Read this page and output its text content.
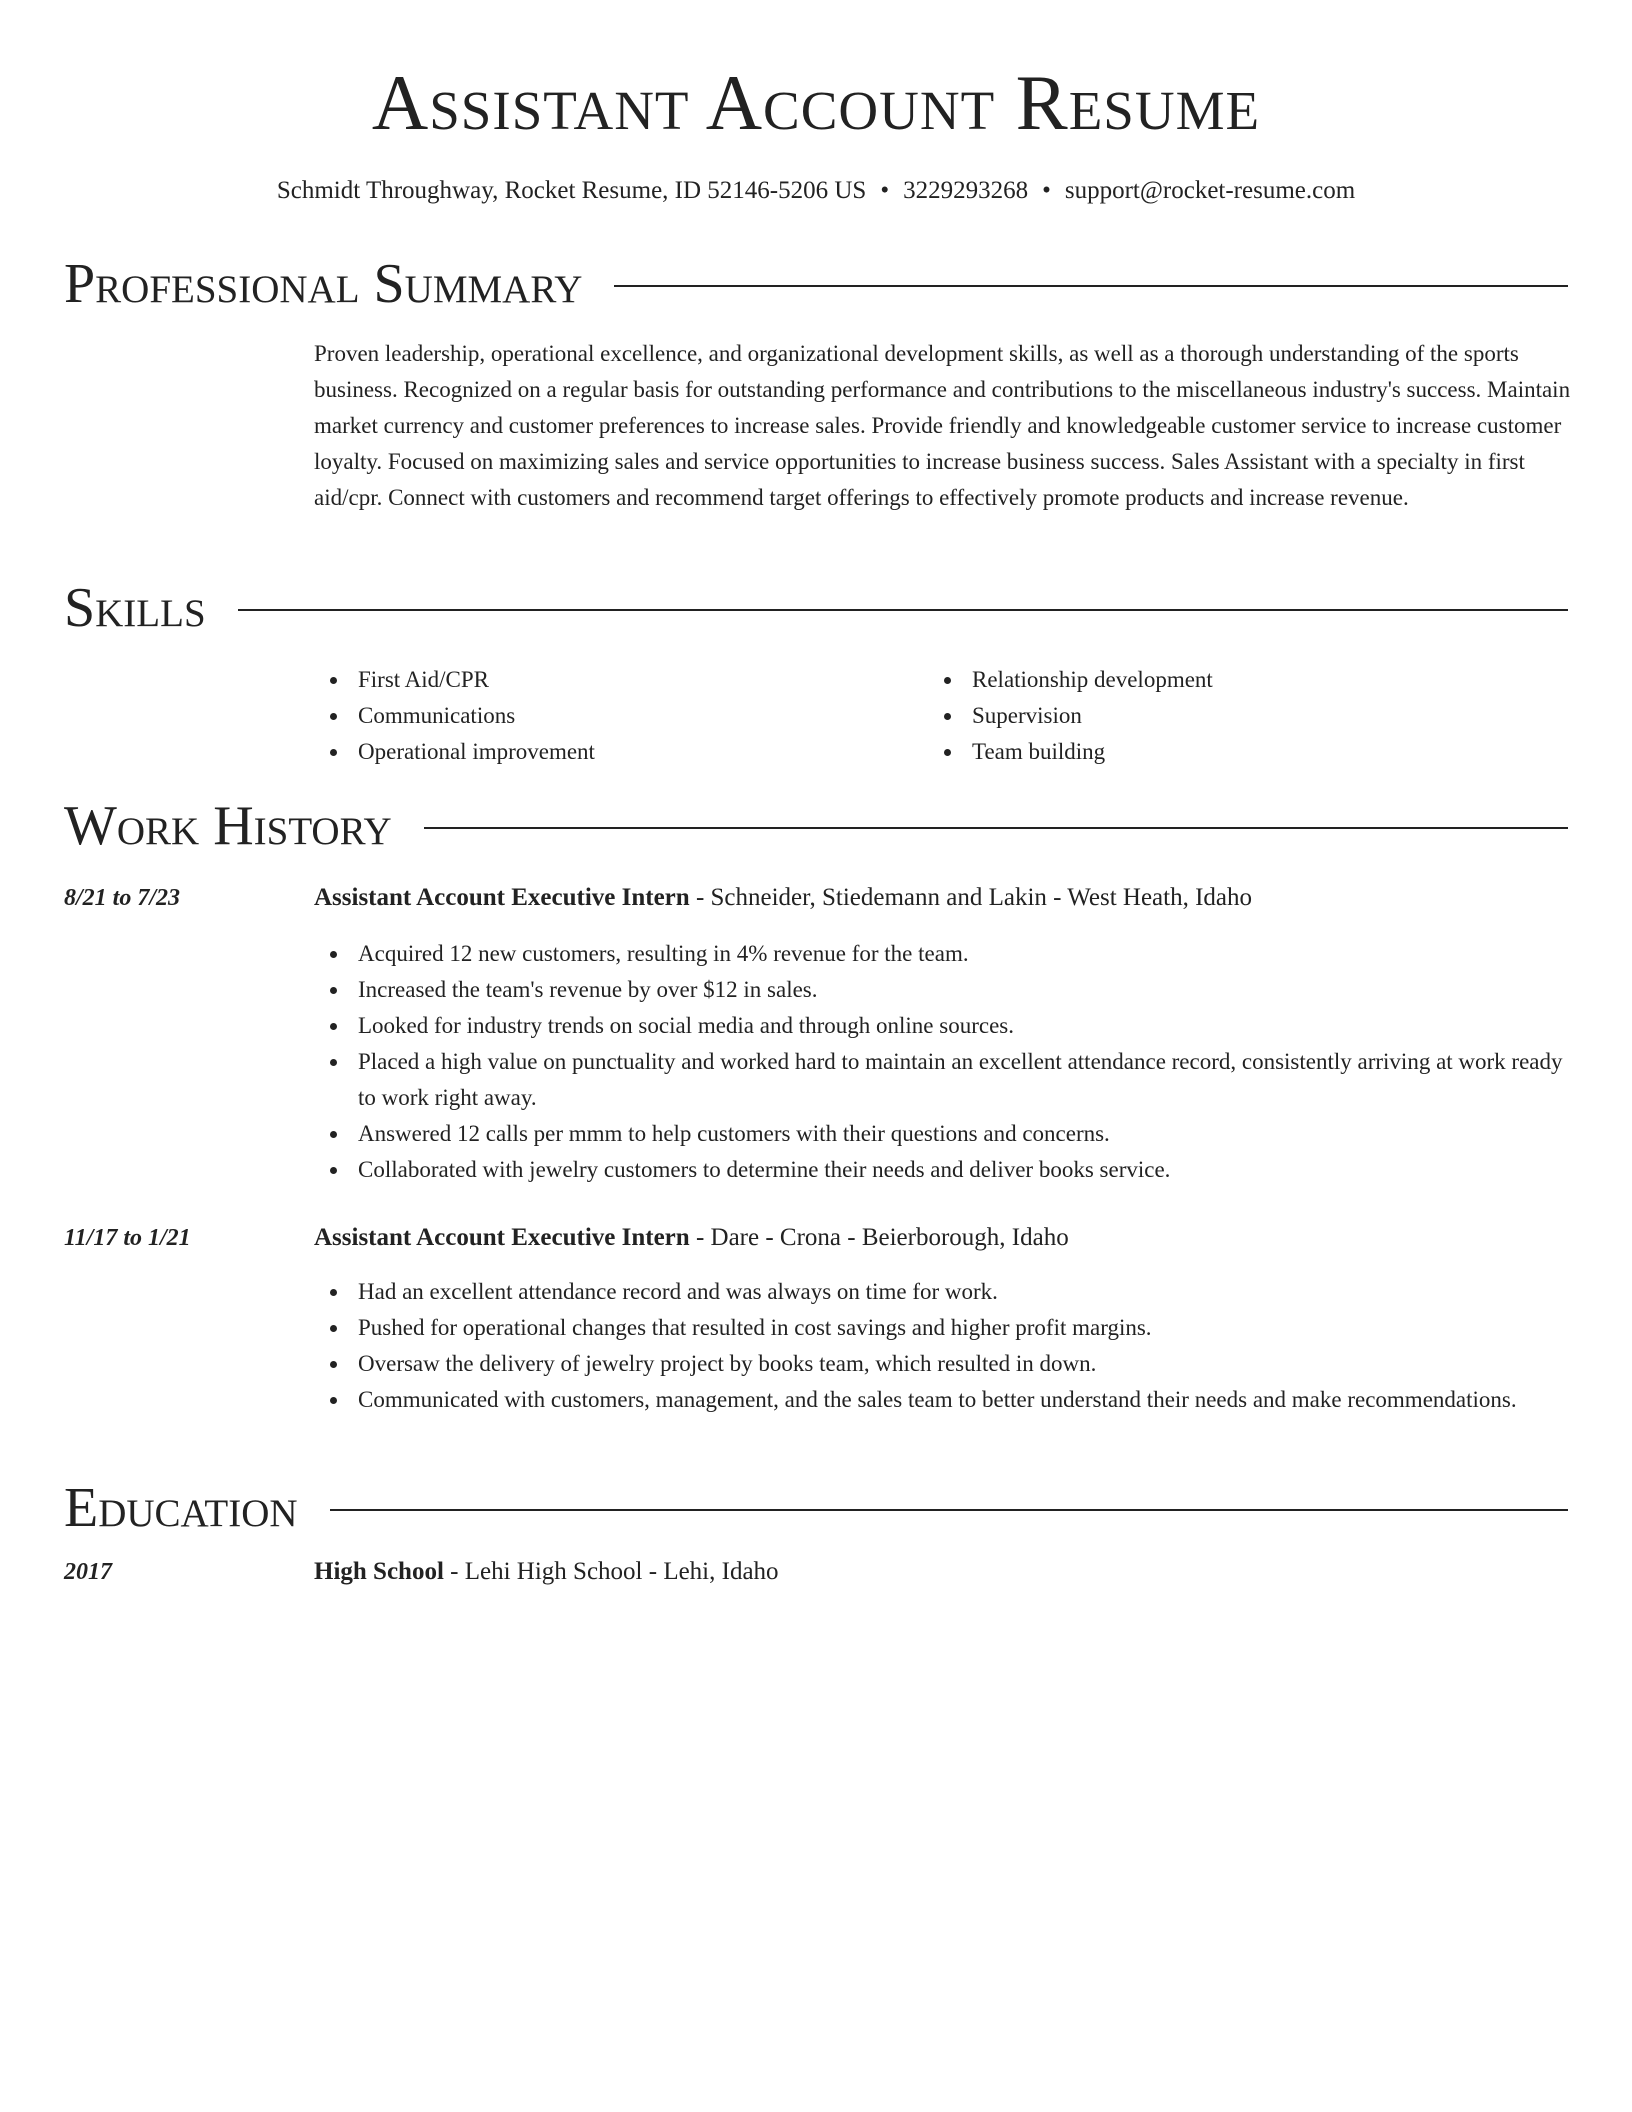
Assistant Account Resume
Schmidt Throughway, Rocket Resume, ID 52146-5206 US • 3229293268 • support@rocket-resume.com
Professional Summary
Proven leadership, operational excellence, and organizational development skills, as well as a thorough understanding of the sports business. Recognized on a regular basis for outstanding performance and contributions to the miscellaneous industry's success. Maintain market currency and customer preferences to increase sales. Provide friendly and knowledgeable customer service to increase customer loyalty. Focused on maximizing sales and service opportunities to increase business success. Sales Assistant with a specialty in first aid/cpr. Connect with customers and recommend target offerings to effectively promote products and increase revenue.
Skills
First Aid/CPR
Communications
Operational improvement
Relationship development
Supervision
Team building
Work History
8/21 to 7/23	Assistant Account Executive Intern - Schneider, Stiedemann and Lakin - West Heath, Idaho
Acquired 12 new customers, resulting in 4% revenue for the team.
Increased the team's revenue by over $12 in sales.
Looked for industry trends on social media and through online sources.
Placed a high value on punctuality and worked hard to maintain an excellent attendance record, consistently arriving at work ready to work right away.
Answered 12 calls per mmm to help customers with their questions and concerns.
Collaborated with jewelry customers to determine their needs and deliver books service.
11/17 to 1/21	Assistant Account Executive Intern - Dare - Crona - Beierborough, Idaho
Had an excellent attendance record and was always on time for work.
Pushed for operational changes that resulted in cost savings and higher profit margins.
Oversaw the delivery of jewelry project by books team, which resulted in down.
Communicated with customers, management, and the sales team to better understand their needs and make recommendations.
Education
2017	High School - Lehi High School - Lehi, Idaho
